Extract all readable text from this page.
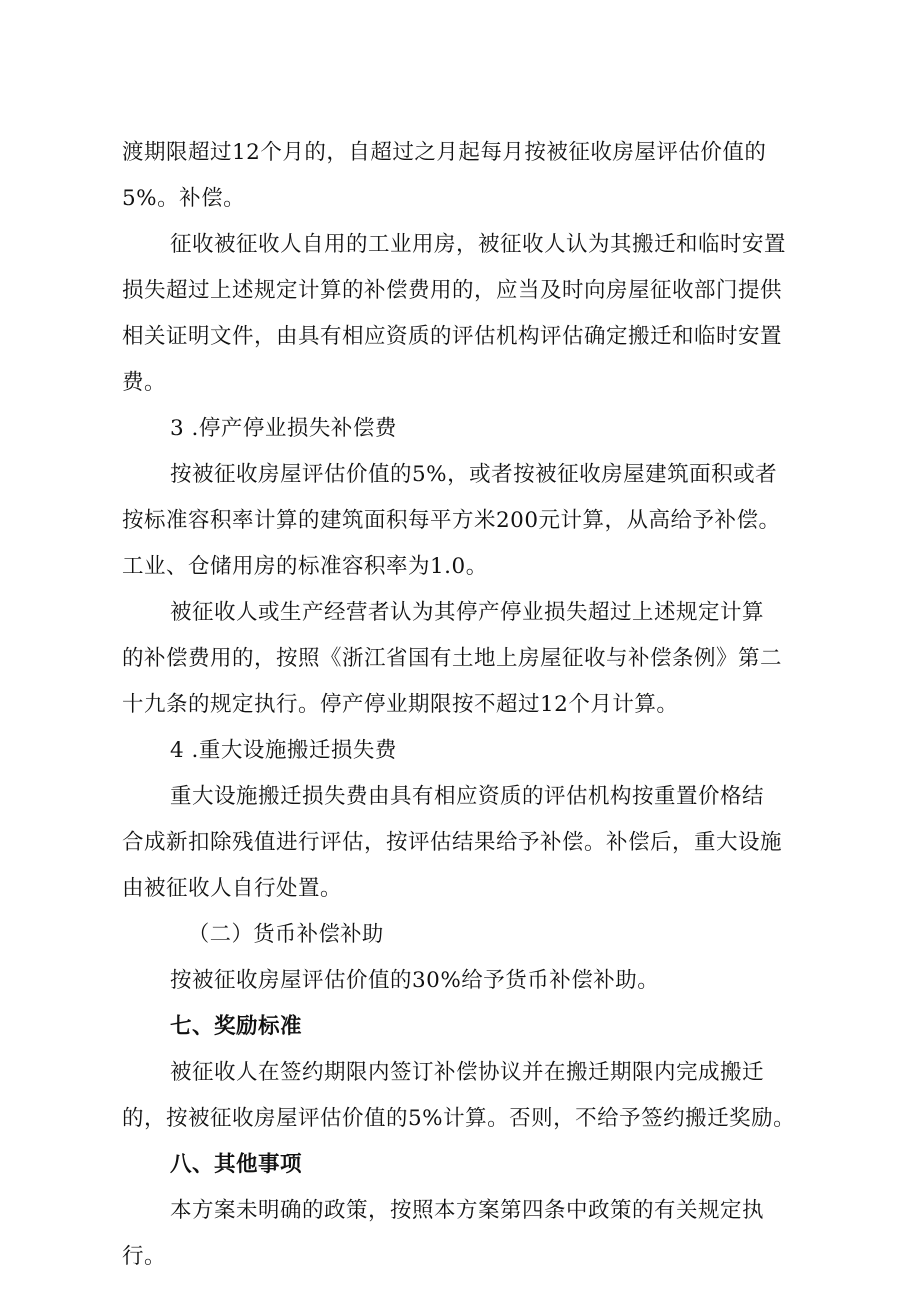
渡期限超过12个月的，自超过之月起每月按被征收房屋评估价值的
5%。补偿。
征收被征收人自用的工业用房，被征收人认为其搬迁和临时安置
损失超过上述规定计算的补偿费用的，应当及时向房屋征收部门提供
相关证明文件，由具有相应资质的评估机构评估确定搬迁和临时安置
费。
3 .停产停业损失补偿费
按被征收房屋评估价值的5%，或者按被征收房屋建筑面积或者
按标准容积率计算的建筑面积每平方米200元计算，从高给予补偿。
工业、仓储用房的标准容积率为1.0。
被征收人或生产经营者认为其停产停业损失超过上述规定计算
的补偿费用的，按照《浙江省国有土地上房屋征收与补偿条例》第二
十九条的规定执行。停产停业期限按不超过12个月计算。
4 .重大设施搬迁损失费
重大设施搬迁损失费由具有相应资质的评估机构按重置价格结
合成新扣除残值进行评估，按评估结果给予补偿。补偿后，重大设施
由被征收人自行处置。
（二）货币补偿补助
按被征收房屋评估价值的30%给予货币补偿补助。
七、奖励标准
被征收人在签约期限内签订补偿协议并在搬迁期限内完成搬迁
的，按被征收房屋评估价值的5%计算。否则，不给予签约搬迁奖励。
八、其他事项
本方案未明确的政策，按照本方案第四条中政策的有关规定执
行。
